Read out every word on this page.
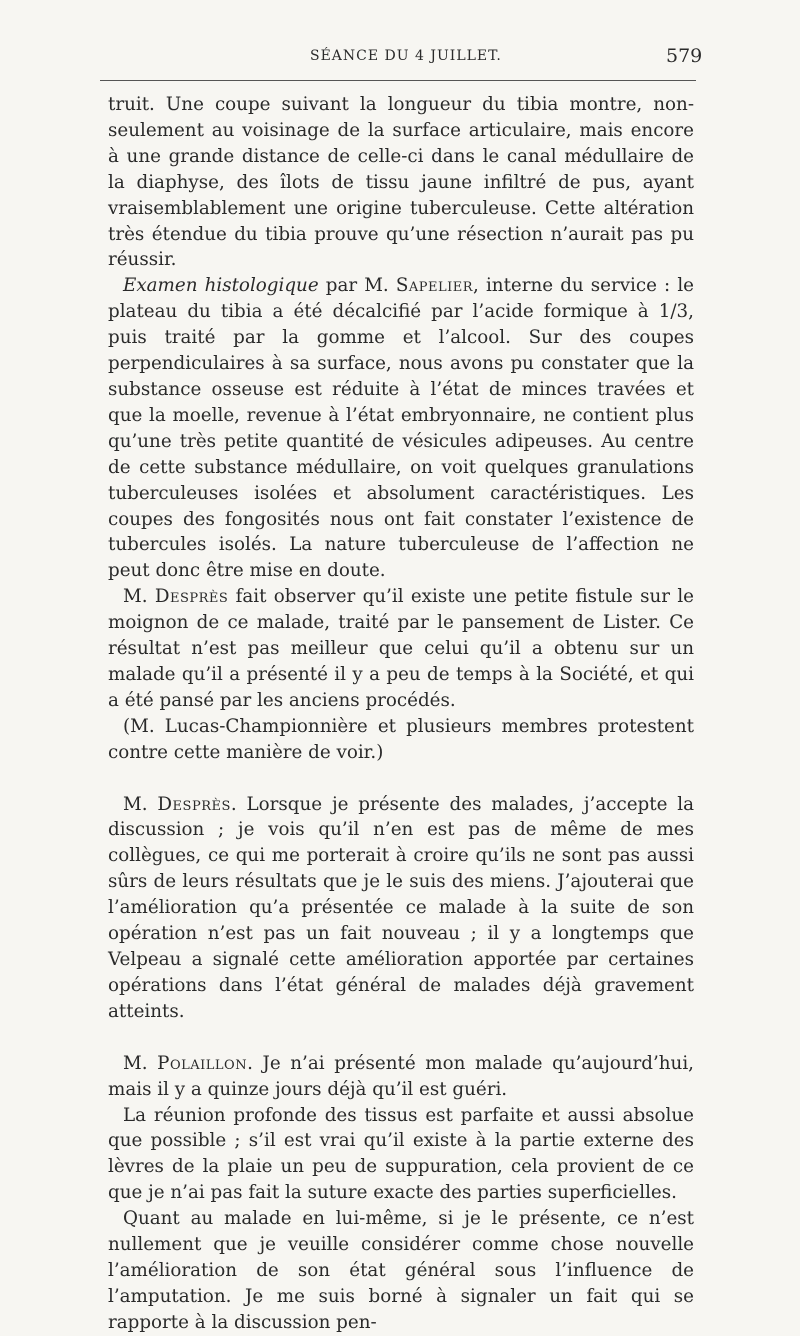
SÉANCE DU 4 JUILLET.	579

truit. Une coupe suivant la longueur du tibia montre, non-seulement au voisinage de la surface articulaire, mais encore à une grande distance de celle-ci dans le canal médullaire de la diaphyse, des îlots de tissu jaune infiltré de pus, ayant vraisemblablement une origine tuberculeuse. Cette altération très étendue du tibia prouve qu’une résection n’aurait pas pu réussir.

Examen histologique par M. Sapelier, interne du service : le plateau du tibia a été décalcifié par l’acide formique à 1/3, puis traité par la gomme et l’alcool. Sur des coupes perpendiculaires à sa surface, nous avons pu constater que la substance osseuse est réduite à l’état de minces travées et que la moelle, revenue à l’état embryonnaire, ne contient plus qu’une très petite quantité de vésicules adipeuses. Au centre de cette substance médullaire, on voit quelques granulations tuberculeuses isolées et absolument caractéristiques. Les coupes des fongosités nous ont fait constater l’existence de tubercules isolés. La nature tuberculeuse de l’affection ne peut donc être mise en doute.

M. Desprès fait observer qu’il existe une petite fistule sur le moignon de ce malade, traité par le pansement de Lister. Ce résultat n’est pas meilleur que celui qu’il a obtenu sur un malade qu’il a présenté il y a peu de temps à la Société, et qui a été pansé par les anciens procédés.

(M. Lucas-Championnière et plusieurs membres protestent contre cette manière de voir.)

M. Desprès. Lorsque je présente des malades, j’accepte la discussion ; je vois qu’il n’en est pas de même de mes collègues, ce qui me porterait à croire qu’ils ne sont pas aussi sûrs de leurs résultats que je le suis des miens. J’ajouterai que l’amélioration qu’a présentée ce malade à la suite de son opération n’est pas un fait nouveau ; il y a longtemps que Velpeau a signalé cette amélioration apportée par certaines opérations dans l’état général de malades déjà gravement atteints.

M. Polaillon. Je n’ai présenté mon malade qu’aujourd’hui, mais il y a quinze jours déjà qu’il est guéri.

La réunion profonde des tissus est parfaite et aussi absolue que possible ; s’il est vrai qu’il existe à la partie externe des lèvres de la plaie un peu de suppuration, cela provient de ce que je n’ai pas fait la suture exacte des parties superficielles.

Quant au malade en lui-même, si je le présente, ce n’est nullement que je veuille considérer comme chose nouvelle l’amélioration de son état général sous l’influence de l’amputation. Je me suis borné à signaler un fait qui se rapporte à la discussion pen-
